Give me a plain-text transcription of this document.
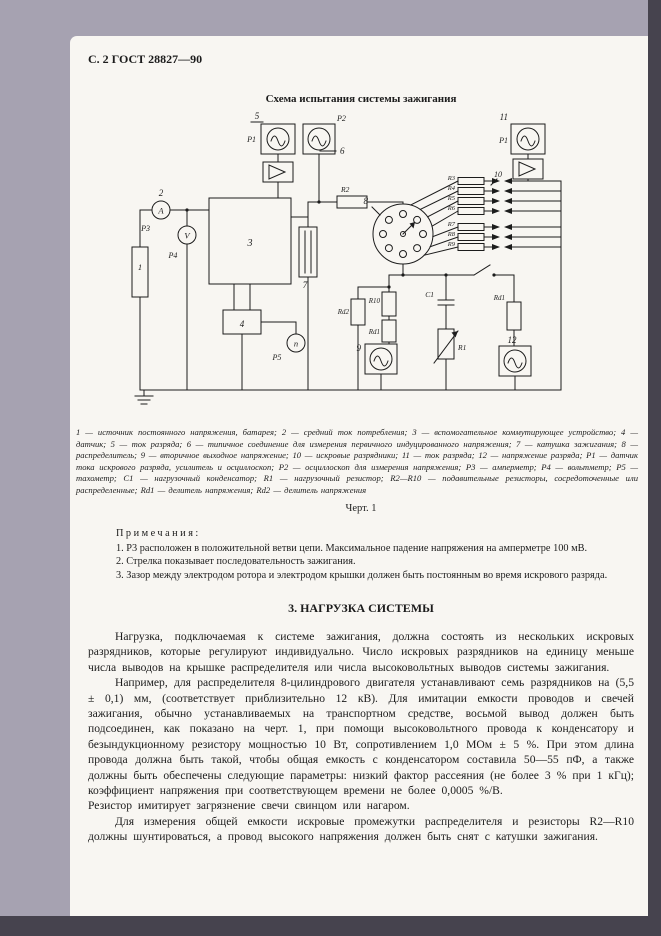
С. 2 ГОСТ 28827—90
Схема испытания системы зажигания
5
P1
P2
6
2
Р3
Р4
1
3
4
Р5
A
V
n
7
R2
8
R3
R4
R5
R6
R7
R8
R9
10
11
P1
R10
Rd1
Rd2
C1
R1
Rd1
12
9
1 — источник постоянного напряжения, батарея; 2 — средний ток потребления; 3 — вспомогательное коммутирующее устройство; 4 — датчик; 5 — ток разряда; 6 — типичное соединение для измерения первичного индуцированного напряжения; 7 — катушка зажигания; 8 — распределитель; 9 — вторичное выходное напряжение; 10 — искровые разрядники; 11 — ток разряда; 12 — напряжение разряда; Р1 — датчик тока искрового разряда, усилитель и осциллоскоп; Р2 — осциллоскоп для измерения напряжения; Р3 — амперметр; Р4 — вольтметр; Р5 — тахометр; С1 — нагрузочный конденсатор; R1 — нагрузочный резистор; R2—R10 — подавительные резисторы, сосредоточенные или распределенные; Rd1 — делитель напряжения; Rd2 — делитель напряжения
Черт. 1
Примечания:

1. Р3 расположен в положительной ветви цепи. Максимальное падение напряжения на амперметре 100 мВ.

2. Стрелка показывает последовательность зажигания.

3. Зазор между электродом ротора и электродом крышки должен быть постоянным во время искрового разряда.

3. НАГРУЗКА СИСТЕМЫ

Нагрузка, подключаемая к системе зажигания, должна состоять из нескольких искровых разрядников, которые регулируют индивидуально. Число искровых разрядников на единицу меньше числа выводов на крышке распределителя или числа высоковольтных выводов системы зажигания.

Например, для распределителя 8-цилиндрового двигателя устанавливают семь разрядников на (5,5 ± 0,1) мм, (соответствует приблизительно 12 кВ). Для имитации емкости проводов и свечей зажигания, обычно устанавливаемых на транспортном средстве, восьмой вывод должен быть подсоединен, как показано на черт. 1, при помощи высоковольтного провода к конденсатору и безындукционному резистору мощностью 10 Вт, сопротивлением 1,0 МОм ± 5 %. При этом длина провода должна быть такой, чтобы общая емкость с конденсатором составила 50—55 пФ, а также должны быть обеспечены следующие параметры: низкий фактор рассеяния (не более 3 % при 1 кГц); коэффициент напряжения при соответствующем времени не более 0,0005 %/В.

Резистор имитирует загрязнение свечи свинцом или нагаром.

Для измерения общей емкости искровые промежутки распределителя и резисторы R2—R10 должны шунтироваться, а провод высокого напряжения должен быть снят с катушки зажигания.
